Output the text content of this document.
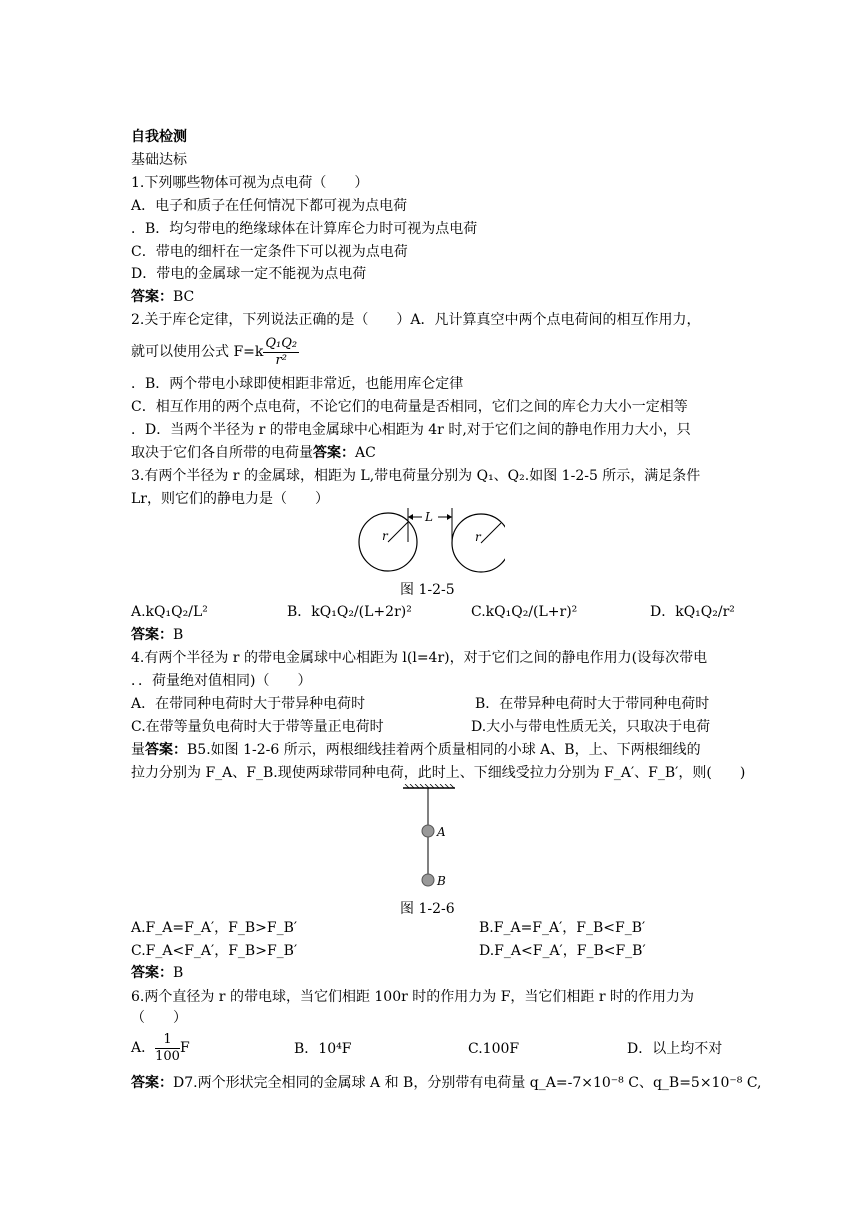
自我检测
基础达标
1.下列哪些物体可视为点电荷（　　）
A．电子和质子在任何情况下都可视为点电荷
．B．均匀带电的绝缘球体在计算库仑力时可视为点电荷
C．带电的细杆在一定条件下可以视为点电荷
D．带电的金属球一定不能视为点电荷
答案：BC
2.关于库仑定律，下列说法正确的是（　　）A．凡计算真空中两个点电荷间的相互作用力，
就可以使用公式 $F=k \frac{\text{Q₁Q₂}}{\text{r²}}$
．B．两个带电小球即使相距非常近，也能用库仑定律
C．相互作用的两个点电荷，不论它们的电荷量是否相同，它们之间的库仑力大小一定相等
．D．当两个半径为 r 的带电金属球中心相距为 4r 时,对于它们之间的静电作用力大小，只
取决于它们各自所带的电荷量答案：AC
3.有两个半径为 r 的金属球，相距为 L,带电荷量分别为 Q₁、Q₂.如图 1-2-5 所示，满足条件
Lr，则它们的静电力是（　　）
L
r	r
图 1-2-5
A.kQ₁Q₂/L²	B．kQ₁Q₂/(L+2r)²	C.kQ₁Q₂/(L+r)²	D．kQ₁Q₂/r²
答案：B
4.有两个半径为 r 的带电金属球中心相距为 l(l=4r)，对于它们之间的静电作用力(设每次带电
．．荷量绝对值相同)（　　）
A．在带同种电荷时大于带异种电荷时	B．在带异种电荷时大于带同种电荷时
C.在带等量负电荷时大于带等量正电荷时	D.大小与带电性质无关，只取决于电荷
量答案：B5.如图 1-2-6 所示，两根细线挂着两个质量相同的小球 A、B，上、下两根细线的
拉力分别为 F_A、F_B.现使两球带同种电荷，此时上、下细线受拉力分别为 F_A′、F_B′，则(　　)
A
B
图 1-2-6
A.F_A=F_A′，F_B>F_B′	B.F_A=F_A′，F_B<F_B′
C.F_A<F_A′，F_B>F_B′	D.F_A<F_A′，F_B<F_B′
答案：B
6.两个直径为 r 的带电球，当它们相距 100r 时的作用力为 F，当它们相距 r 时的作用力为
（　　）
A． $\frac{1}{100}$ F	B．10⁴F	C.100F	D．以上均不对
答案：D7.两个形状完全相同的金属球 A 和 B，分别带有电荷量 q_A=-7×10⁻⁸ C、q_B=5×10⁻⁸ C,
